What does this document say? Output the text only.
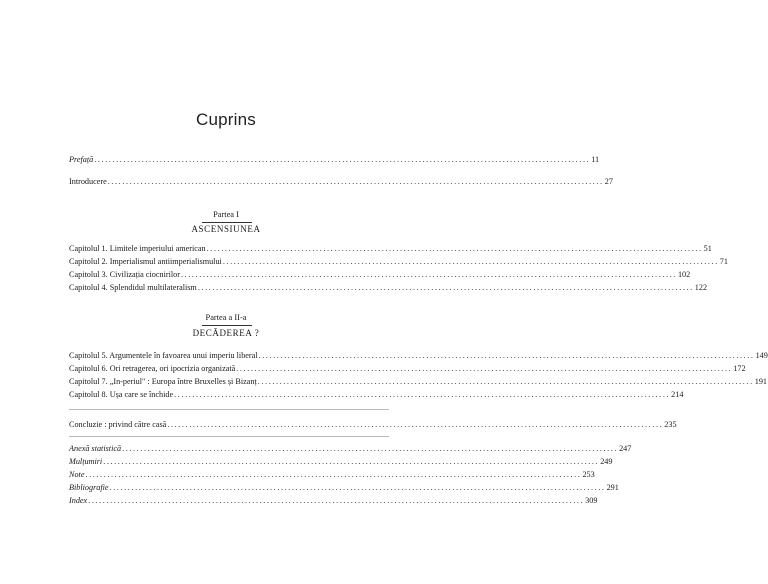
Cuprins
Prefață ........................................................................................................................................ 11
Introducere ........................................................................................................................................ 27
Partea I
ASCENSIUNEA
Capitolul 1. Limitele imperiului american ........................................................................................................................................ 51
Capitolul 2. Imperialismul antiimperialismului ........................................................................................................................................ 71
Capitolul 3. Civilizația ciocnirilor ........................................................................................................................................ 102
Capitolul 4. Splendidul multilateralism ........................................................................................................................................ 122
Partea a II-a
DECĂDEREA ?
Capitolul 5. Argumentele în favoarea unui imperiu liberal ........................................................................................................................................ 149
Capitolul 6. Ori retragerea, ori ipocrizia organizată ........................................................................................................................................ 172
Capitolul 7. „In-periul" : Europa între Bruxelles și Bizanț ........................................................................................................................................ 191
Capitolul 8. Ușa care se închide ........................................................................................................................................ 214
Concluzie : privind către casă ........................................................................................................................................ 235
Anexă statistică ........................................................................................................................................ 247
Mulțumiri ........................................................................................................................................ 249
Note ........................................................................................................................................ 253
Bibliografie ........................................................................................................................................ 291
Index ........................................................................................................................................ 309
